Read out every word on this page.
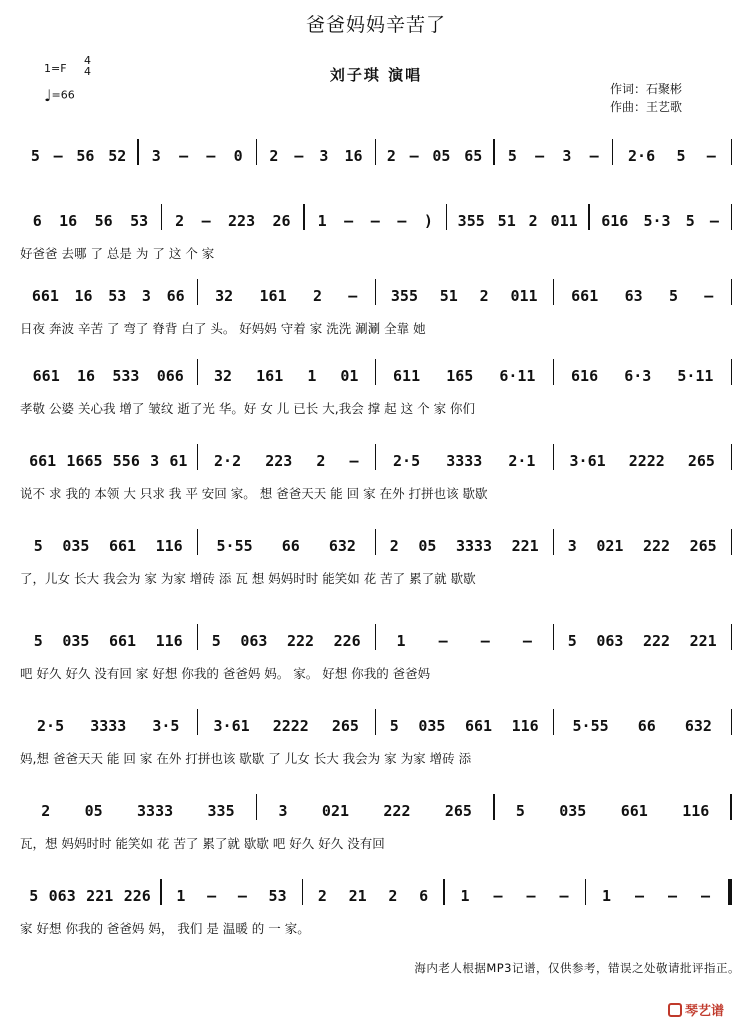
爸爸妈妈辛苦了
1=F
4
4
♩=66
刘子琪 演唱
作词：石聚彬
作曲：王艺歌
5 – 56 52 3 – – 0 2 – 3 16 2 – 05 65 5 – 3 – 2·6 5 –
6 16 56 53 2 – 223 26 1 – – – ) 355 51 2 011 616 5·3 5 –
好爸爸 去哪 了 总是 为 了 这 个 家
661 16 53 3 66 32 161 2 – 355 51 2 011 661 63 5 –
日夜 奔波 辛苦 了 弯了 脊背 白了 头。 好妈妈 守着 家 洗洗 涮涮 全靠 她
661 16 533 066 32 161 1 01 611 165 6·11 616 6·3 5·11
孝敬 公婆 关心我 增了 皱纹 逝了光 华。好 女 儿 已长 大,我会 撑 起 这 个 家 你们
661 1665 556 3 61 2·2 223 2 – 2·5 3333 2·1 3·61 2222 265
说不 求 我的 本领 大 只求 我 平 安回 家。 想 爸爸天天 能 回 家 在外 打拼也该 歇歇
5 035 661 116 5·55 66 632 2 05 3333 221 3 021 222 265
了，儿女 长大 我会为 家 为家 增砖 添 瓦 想 妈妈时时 能笑如 花 苦了 累了就 歇歇
5 035 661 116 5 063 222 226 1 – – – 5 063 222 221
吧 好久 好久 没有回 家 好想 你我的 爸爸妈 妈。 家。 好想 你我的 爸爸妈
2·5 3333 3·5 3·61 2222 265 5 035 661 116 5·55 66 632
妈,想 爸爸天天 能 回 家 在外 打拼也该 歇歇 了 儿女 长大 我会为 家 为家 增砖 添
2 05 3333 335	3 021 222 265	5 035 661 116
瓦，想 妈妈时时 能笑如 花 苦了 累了就 歇歇 吧 好久 好久 没有回
5 063 221 226 1 – – 53 2 21 2 6 1 – – – 1 – – –
家 好想 你我的 爸爸妈 妈， 我们 是 温暖 的 一 家。
海内老人根据MP3记谱，仅供参考，错误之处敬请批评指正。
琴艺谱
